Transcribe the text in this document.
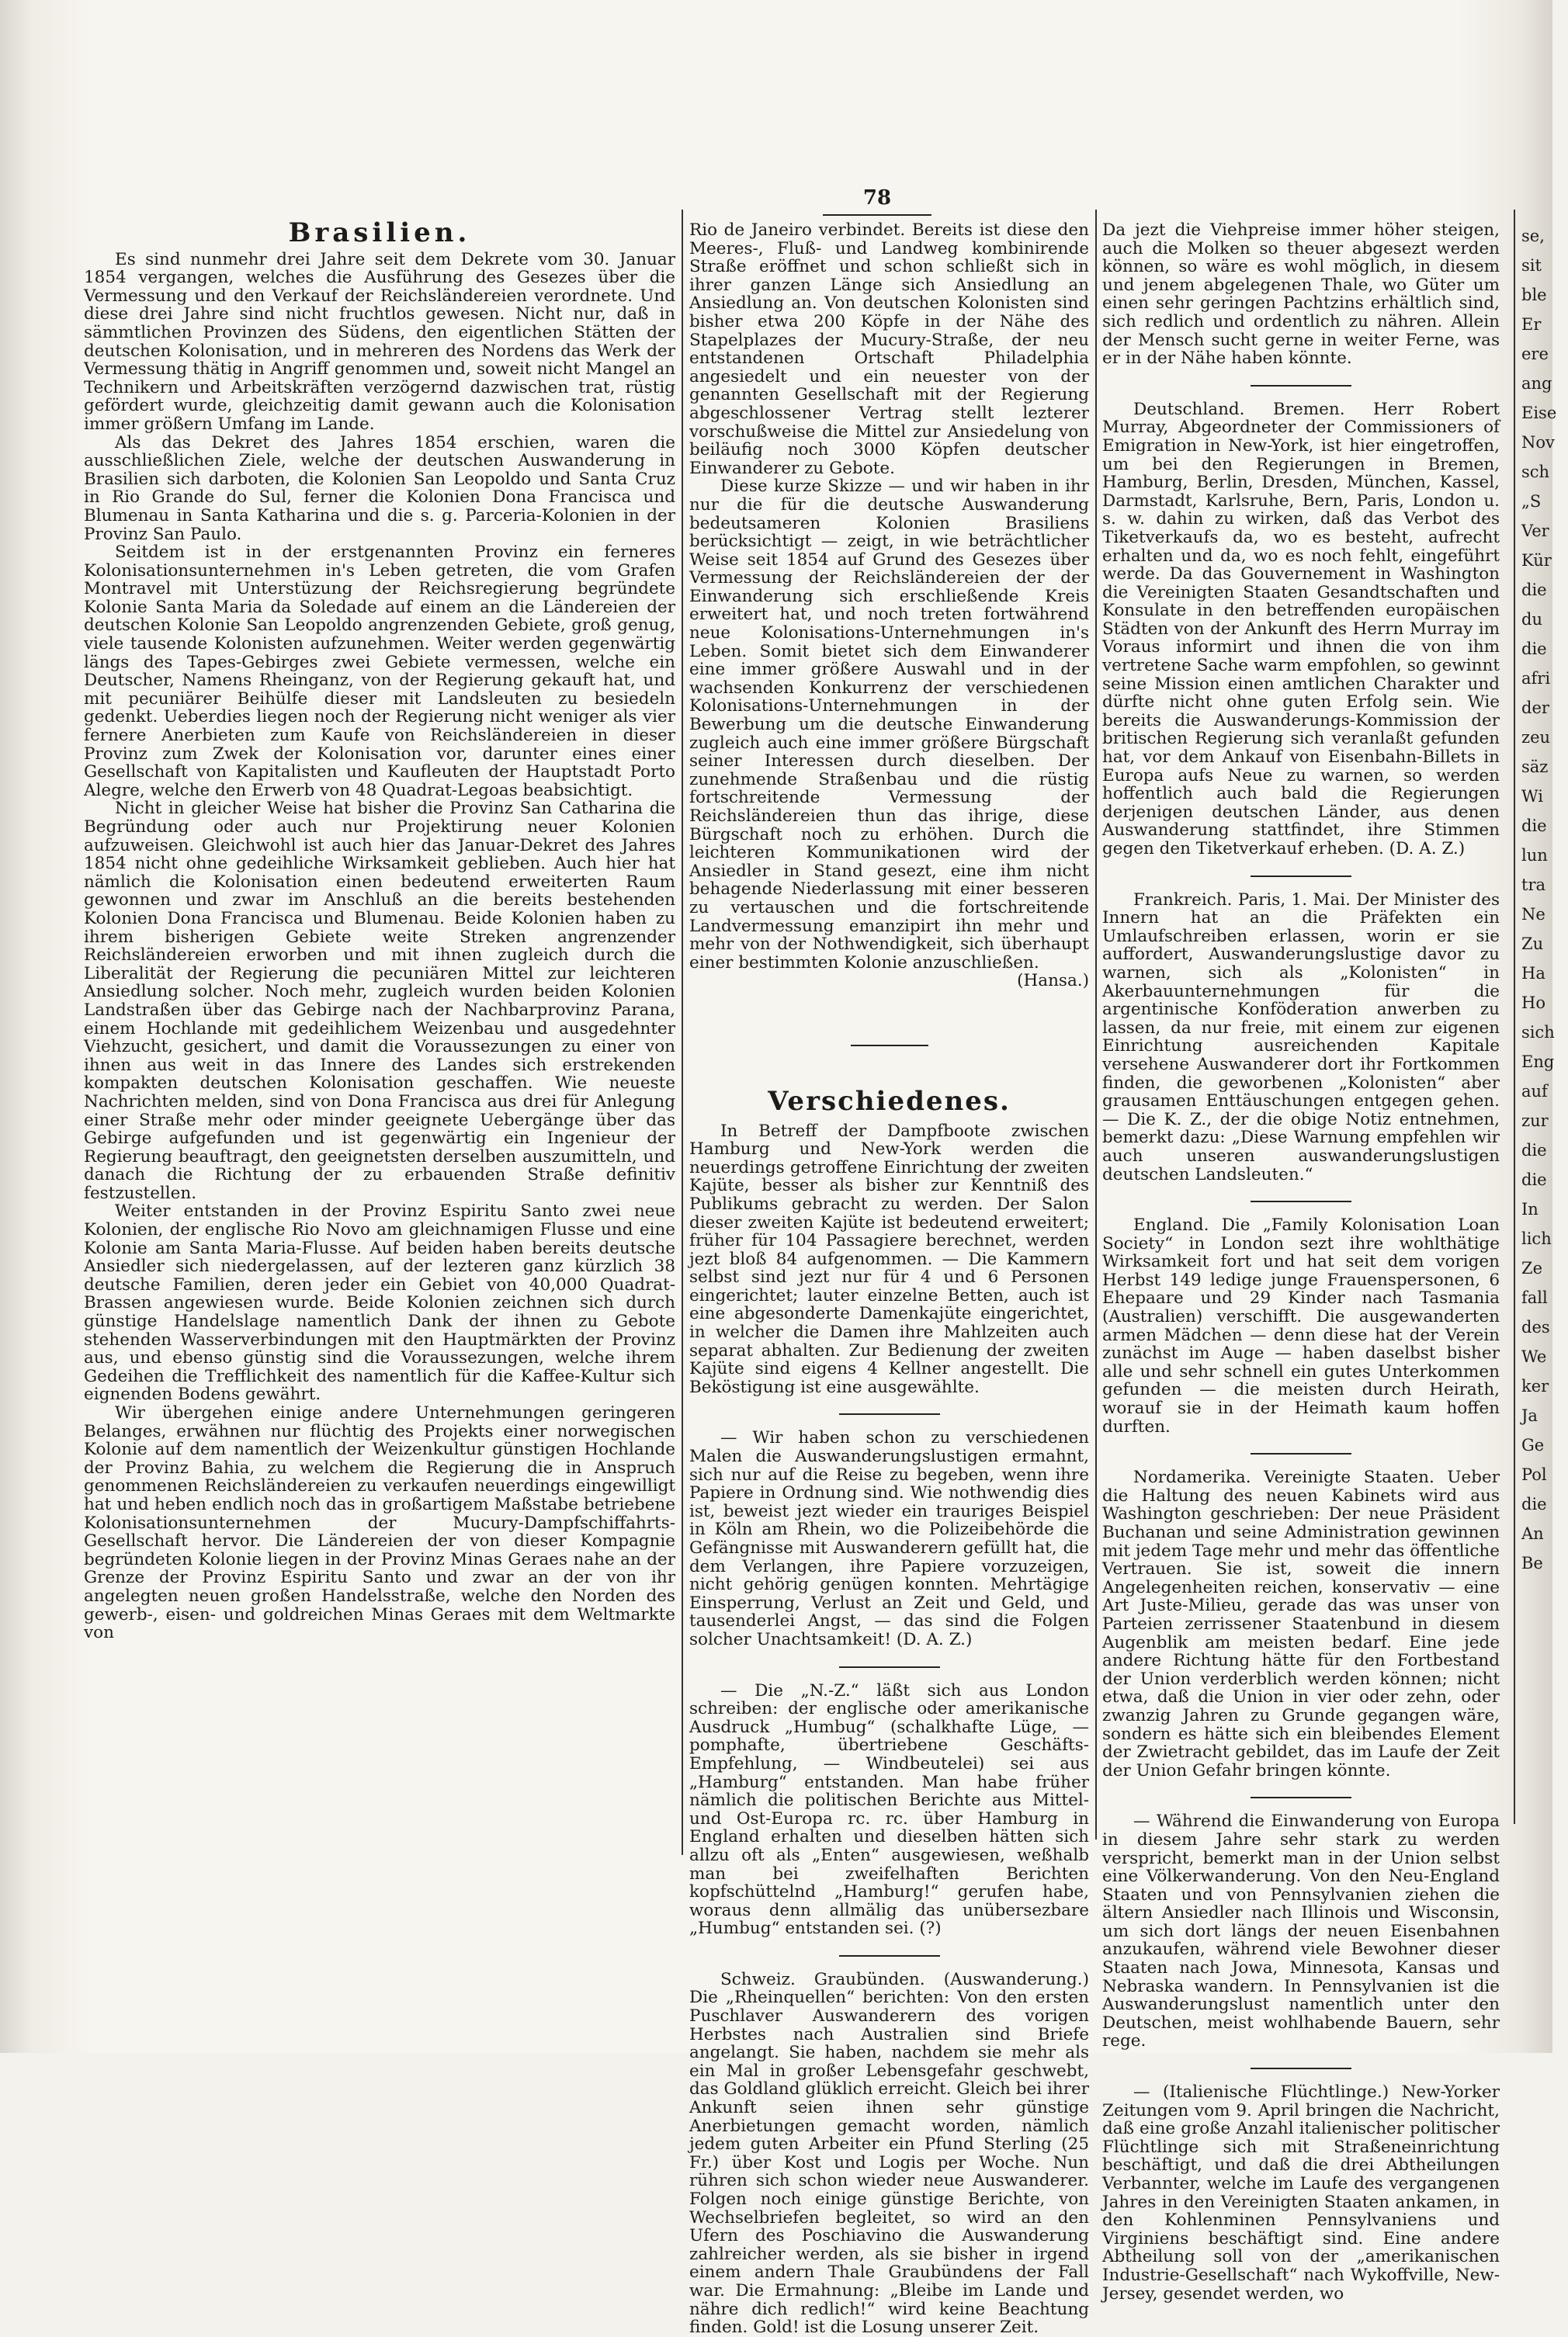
78
Brasilien.

Es sind nunmehr drei Jahre seit dem Dekrete vom 30. Januar 1854 vergangen, welches die Ausführung des Gesezes über die Vermessung und den Verkauf der Reichsländereien verordnete. Und diese drei Jahre sind nicht fruchtlos gewesen. Nicht nur, daß in sämmtlichen Provinzen des Südens, den eigentlichen Stätten der deutschen Kolonisation, und in mehreren des Nordens das Werk der Vermessung thätig in Angriff genommen und, soweit nicht Mangel an Technikern und Arbeitskräften verzögernd dazwischen trat, rüstig gefördert wurde, gleichzeitig damit gewann auch die Kolonisation immer größern Umfang im Lande.

Als das Dekret des Jahres 1854 erschien, waren die ausschließlichen Ziele, welche der deutschen Auswanderung in Brasilien sich darboten, die Kolonien San Leopoldo und Santa Cruz in Rio Grande do Sul, ferner die Kolonien Dona Francisca und Blumenau in Santa Katharina und die s. g. Parceria-Kolonien in der Provinz San Paulo.

Seitdem ist in der erstgenannten Provinz ein ferneres Kolonisationsunternehmen in's Leben getreten, die vom Grafen Montravel mit Unterstüzung der Reichsregierung begründete Kolonie Santa Maria da Soledade auf einem an die Ländereien der deutschen Kolonie San Leopoldo angrenzenden Gebiete, groß genug, viele tausende Kolonisten aufzunehmen. Weiter werden gegenwärtig längs des Tapes-Gebirges zwei Gebiete vermessen, welche ein Deutscher, Namens Rheinganz, von der Regierung gekauft hat, und mit pecuniärer Beihülfe dieser mit Landsleuten zu besiedeln gedenkt. Ueberdies liegen noch der Regierung nicht weniger als vier fernere Anerbieten zum Kaufe von Reichsländereien in dieser Provinz zum Zwek der Kolonisation vor, darunter eines einer Gesellschaft von Kapitalisten und Kaufleuten der Hauptstadt Porto Alegre, welche den Erwerb von 48 Quadrat-Legoas beabsichtigt.

Nicht in gleicher Weise hat bisher die Provinz San Catharina die Begründung oder auch nur Projektirung neuer Kolonien aufzuweisen. Gleichwohl ist auch hier das Januar-Dekret des Jahres 1854 nicht ohne gedeihliche Wirksamkeit geblieben. Auch hier hat nämlich die Kolonisation einen bedeutend erweiterten Raum gewonnen und zwar im Anschluß an die bereits bestehenden Kolonien Dona Francisca und Blumenau. Beide Kolonien haben zu ihrem bisherigen Gebiete weite Streken angrenzender Reichsländereien erworben und mit ihnen zugleich durch die Liberalität der Regierung die pecuniären Mittel zur leichteren Ansiedlung solcher. Noch mehr, zugleich wurden beiden Kolonien Landstraßen über das Gebirge nach der Nachbarprovinz Parana, einem Hochlande mit gedeihlichem Weizenbau und ausgedehnter Viehzucht, gesichert, und damit die Voraussezungen zu einer von ihnen aus weit in das Innere des Landes sich erstrekenden kompakten deutschen Kolonisation geschaffen. Wie neueste Nachrichten melden, sind von Dona Francisca aus drei für Anlegung einer Straße mehr oder minder geeignete Uebergänge über das Gebirge aufgefunden und ist gegenwärtig ein Ingenieur der Regierung beauftragt, den geeignetsten derselben auszumitteln, und danach die Richtung der zu erbauenden Straße definitiv festzustellen.

Weiter entstanden in der Provinz Espiritu Santo zwei neue Kolonien, der englische Rio Novo am gleichnamigen Flusse und eine Kolonie am Santa Maria-Flusse. Auf beiden haben bereits deutsche Ansiedler sich niedergelassen, auf der lezteren ganz kürzlich 38 deutsche Familien, deren jeder ein Gebiet von 40,000 Quadrat-Brassen angewiesen wurde. Beide Kolonien zeichnen sich durch günstige Handelslage namentlich Dank der ihnen zu Gebote stehenden Wasserverbindungen mit den Hauptmärkten der Provinz aus, und ebenso günstig sind die Voraussezungen, welche ihrem Gedeihen die Trefflichkeit des namentlich für die Kaffee-Kultur sich eignenden Bodens gewährt.

Wir übergehen einige andere Unternehmungen geringeren Belanges, erwähnen nur flüchtig des Projekts einer norwegischen Kolonie auf dem namentlich der Weizenkultur günstigen Hochlande der Provinz Bahia, zu welchem die Regierung die in Anspruch genommenen Reichsländereien zu verkaufen neuerdings eingewilligt hat und heben endlich noch das in großartigem Maßstabe betriebene Kolonisationsunternehmen der Mucury-Dampfschiffahrts-Gesellschaft hervor. Die Ländereien der von dieser Kompagnie begründeten Kolonie liegen in der Provinz Minas Geraes nahe an der Grenze der Provinz Espiritu Santo und zwar an der von ihr angelegten neuen großen Handelsstraße, welche den Norden des gewerb-, eisen- und goldreichen Minas Geraes mit dem Weltmarkte von

Rio de Janeiro verbindet. Bereits ist diese den Meeres-, Fluß- und Landweg kombinirende Straße eröffnet und schon schließt sich in ihrer ganzen Länge sich Ansiedlung an Ansiedlung an. Von deutschen Kolonisten sind bisher etwa 200 Köpfe in der Nähe des Stapelplazes der Mucury-Straße, der neu entstandenen Ortschaft Philadelphia angesiedelt und ein neuester von der genannten Gesellschaft mit der Regierung abgeschlossener Vertrag stellt lezterer vorschußweise die Mittel zur Ansiedelung von beiläufig noch 3000 Köpfen deutscher Einwanderer zu Gebote.

Diese kurze Skizze — und wir haben in ihr nur die für die deutsche Auswanderung bedeutsameren Kolonien Brasiliens berücksichtigt — zeigt, in wie beträchtlicher Weise seit 1854 auf Grund des Gesezes über Vermessung der Reichsländereien der der Einwanderung sich erschließende Kreis erweitert hat, und noch treten fortwährend neue Kolonisations-Unternehmungen in's Leben. Somit bietet sich dem Einwanderer eine immer größere Auswahl und in der wachsenden Konkurrenz der verschiedenen Kolonisations-Unternehmungen in der Bewerbung um die deutsche Einwanderung zugleich auch eine immer größere Bürgschaft seiner Interessen durch dieselben. Der zunehmende Straßenbau und die rüstig fortschreitende Vermessung der Reichsländereien thun das ihrige, diese Bürgschaft noch zu erhöhen. Durch die leichteren Kommunikationen wird der Ansiedler in Stand gesezt, eine ihm nicht behagende Niederlassung mit einer besseren zu vertauschen und die fortschreitende Landvermessung emanzipirt ihn mehr und mehr von der Nothwendigkeit, sich überhaupt einer bestimmten Kolonie anzuschließen.

(Hansa.)
Verschiedenes.

In Betreff der Dampfboote zwischen Hamburg und New-York werden die neuerdings getroffene Einrichtung der zweiten Kajüte, besser als bisher zur Kenntniß des Publikums gebracht zu werden. Der Salon dieser zweiten Kajüte ist bedeutend erweitert; früher für 104 Passagiere berechnet, werden jezt bloß 84 aufgenommen. — Die Kammern selbst sind jezt nur für 4 und 6 Personen eingerichtet; lauter einzelne Betten, auch ist eine abgesonderte Damenkajüte eingerichtet, in welcher die Damen ihre Mahlzeiten auch separat abhalten. Zur Bedienung der zweiten Kajüte sind eigens 4 Kellner angestellt. Die Beköstigung ist eine ausgewählte.

— Wir haben schon zu verschiedenen Malen die Auswanderungslustigen ermahnt, sich nur auf die Reise zu begeben, wenn ihre Papiere in Ordnung sind. Wie nothwendig dies ist, beweist jezt wieder ein trauriges Beispiel in Köln am Rhein, wo die Polizeibehörde die Gefängnisse mit Auswanderern gefüllt hat, die dem Verlangen, ihre Papiere vorzuzeigen, nicht gehörig genügen konnten. Mehrtägige Einsperrung, Verlust an Zeit und Geld, und tausenderlei Angst, — das sind die Folgen solcher Unachtsamkeit! (D. A. Z.)

— Die „N.-Z.“ läßt sich aus London schreiben: der englische oder amerikanische Ausdruck „Humbug“ (schalkhafte Lüge, — pomphafte, übertriebene Geschäfts-Empfehlung, — Windbeutelei) sei aus „Hamburg“ entstanden. Man habe früher nämlich die politischen Berichte aus Mittel- und Ost-Europa rc. rc. über Hamburg in England erhalten und dieselben hätten sich allzu oft als „Enten“ ausgewiesen, weßhalb man bei zweifelhaften Berichten kopfschüttelnd „Hamburg!“ gerufen habe, woraus denn allmälig das unübersezbare „Humbug“ entstanden sei. (?)

Schweiz. Graubünden. (Auswanderung.) Die „Rheinquellen“ berichten: Von den ersten Puschlaver Auswanderern des vorigen Herbstes nach Australien sind Briefe angelangt. Sie haben, nachdem sie mehr als ein Mal in großer Lebensgefahr geschwebt, das Goldland glüklich erreicht. Gleich bei ihrer Ankunft seien ihnen sehr günstige Anerbietungen gemacht worden, nämlich jedem guten Arbeiter ein Pfund Sterling (25 Fr.) über Kost und Logis per Woche. Nun rühren sich schon wieder neue Auswanderer. Folgen noch einige günstige Berichte, von Wechselbriefen begleitet, so wird an den Ufern des Poschiavino die Auswanderung zahlreicher werden, als sie bisher in irgend einem andern Thale Graubündens der Fall war. Die Ermahnung: „Bleibe im Lande und nähre dich redlich!“ wird keine Beachtung finden. Gold! ist die Losung unserer Zeit.

Da jezt die Viehpreise immer höher steigen, auch die Molken so theuer abgesezt werden können, so wäre es wohl möglich, in diesem und jenem abgelegenen Thale, wo Güter um einen sehr geringen Pachtzins erhältlich sind, sich redlich und ordentlich zu nähren. Allein der Mensch sucht gerne in weiter Ferne, was er in der Nähe haben könnte.

Deutschland. Bremen. Herr Robert Murray, Abgeordneter der Commissioners of Emigration in New-York, ist hier eingetroffen, um bei den Regierungen in Bremen, Hamburg, Berlin, Dresden, München, Kassel, Darmstadt, Karlsruhe, Bern, Paris, London u. s. w. dahin zu wirken, daß das Verbot des Tiketverkaufs da, wo es besteht, aufrecht erhalten und da, wo es noch fehlt, eingeführt werde. Da das Gouvernement in Washington die Vereinigten Staaten Gesandtschaften und Konsulate in den betreffenden europäischen Städten von der Ankunft des Herrn Murray im Voraus informirt und ihnen die von ihm vertretene Sache warm empfohlen, so gewinnt seine Mission einen amtlichen Charakter und dürfte nicht ohne guten Erfolg sein. Wie bereits die Auswanderungs-Kommission der britischen Regierung sich veranlaßt gefunden hat, vor dem Ankauf von Eisenbahn-Billets in Europa aufs Neue zu warnen, so werden hoffentlich auch bald die Regierungen derjenigen deutschen Länder, aus denen Auswanderung stattfindet, ihre Stimmen gegen den Tiketverkauf erheben. (D. A. Z.)

Frankreich. Paris, 1. Mai. Der Minister des Innern hat an die Präfekten ein Umlaufschreiben erlassen, worin er sie auffordert, Auswanderungslustige davor zu warnen, sich als „Kolonisten“ in Akerbauunternehmungen für die argentinische Konföderation anwerben zu lassen, da nur freie, mit einem zur eigenen Einrichtung ausreichenden Kapitale versehene Auswanderer dort ihr Fortkommen finden, die geworbenen „Kolonisten“ aber grausamen Enttäuschungen entgegen gehen. — Die K. Z., der die obige Notiz entnehmen, bemerkt dazu: „Diese Warnung empfehlen wir auch unseren auswanderungslustigen deutschen Landsleuten.“

England. Die „Family Kolonisation Loan Society“ in London sezt ihre wohlthätige Wirksamkeit fort und hat seit dem vorigen Herbst 149 ledige junge Frauenspersonen, 6 Ehepaare und 29 Kinder nach Tasmania (Australien) verschifft. Die ausgewanderten armen Mädchen — denn diese hat der Verein zunächst im Auge — haben daselbst bisher alle und sehr schnell ein gutes Unterkommen gefunden — die meisten durch Heirath, worauf sie in der Heimath kaum hoffen durften.

Nordamerika. Vereinigte Staaten. Ueber die Haltung des neuen Kabinets wird aus Washington geschrieben: Der neue Präsident Buchanan und seine Administration gewinnen mit jedem Tage mehr und mehr das öffentliche Vertrauen. Sie ist, soweit die innern Angelegenheiten reichen, konservativ — eine Art Juste-Milieu, gerade das was unser von Parteien zerrissener Staatenbund in diesem Augenblik am meisten bedarf. Eine jede andere Richtung hätte für den Fortbestand der Union verderblich werden können; nicht etwa, daß die Union in vier oder zehn, oder zwanzig Jahren zu Grunde gegangen wäre, sondern es hätte sich ein bleibendes Element der Zwietracht gebildet, das im Laufe der Zeit der Union Gefahr bringen könnte.

— Während die Einwanderung von Europa in diesem Jahre sehr stark zu werden verspricht, bemerkt man in der Union selbst eine Völkerwanderung. Von den Neu-England Staaten und von Pennsylvanien ziehen die ältern Ansiedler nach Illinois und Wisconsin, um sich dort längs der neuen Eisenbahnen anzukaufen, während viele Bewohner dieser Staaten nach Jowa, Minnesota, Kansas und Nebraska wandern. In Pennsylvanien ist die Auswanderungslust namentlich unter den Deutschen, meist wohlhabende Bauern, sehr rege.

— (Italienische Flüchtlinge.) New-Yorker Zeitungen vom 9. April bringen die Nachricht, daß eine große Anzahl italienischer politischer Flüchtlinge sich mit Straßeneinrichtung beschäftigt, und daß die drei Abtheilungen Verbannter, welche im Laufe des vergangenen Jahres in den Vereinigten Staaten ankamen, in den Kohlenminen Pennsylvaniens und Virginiens beschäftigt sind. Eine andere Abtheilung soll von der „amerikanischen Industrie-Gesellschaft“ nach Wykoffville, New-Jersey, gesendet werden, wo

se,
sit
ble
Er
ere
ang
Eise
Nov
sch
„S
Ver
Kür
die
du
die
afri
der
zeu
säz
Wi
die
lun
tra
Ne
Zu
Ha
Ho
sich
Eng
auf
zur
die
die
In
lich
Ze
fall
des
We
ker
Ja
Ge
Pol
die
An
Be
